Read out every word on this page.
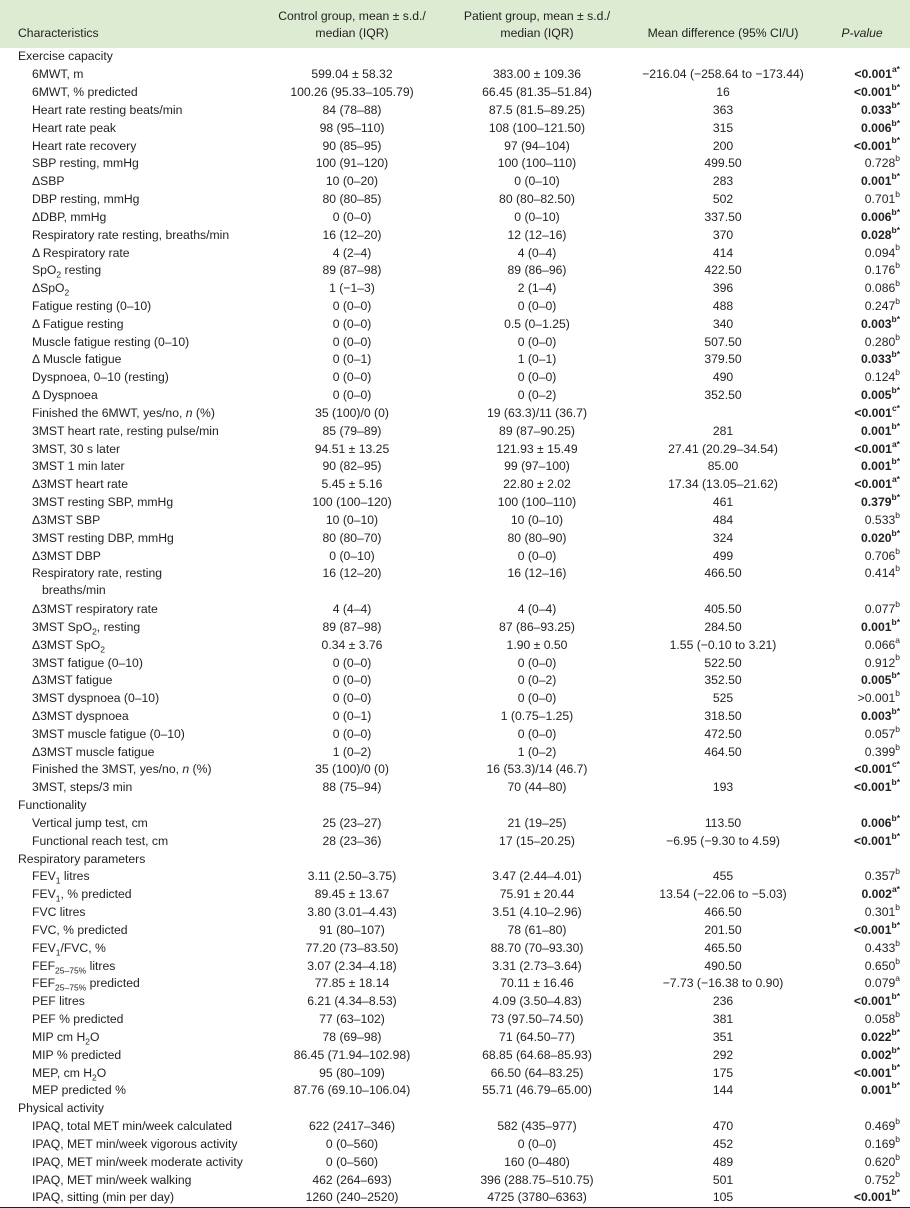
Characteristics	Control group, mean ± s.d./ median (IQR)	Patient group, mean ± s.d./ median (IQR)	Mean difference (95% CI/U)	P-value
Exercise capacity				
6MWT, m	599.04 ± 58.32	383.00 ± 109.36	−216.04 (−258.64 to −173.44)	$<0.001^{a*}$
6MWT, % predicted	100.26 (95.33–105.79)	66.45 (81.35–51.84)	16	$<0.001^{b*}$
Heart rate resting beats/min	84 (78–88)	87.5 (81.5–89.25)	363	$0.033^{b*}$
Heart rate peak	98 (95–110)	108 (100–121.50)	315	$0.006^{b*}$
Heart rate recovery	90 (85–95)	97 (94–104)	200	$<0.001^{b*}$
SBP resting, mmHg	100 (91–120)	100 (100–110)	499.50	0.728$^b$
ΔSBP	10 (0–20)	0 (0–10)	283	$0.001^{b*}$
DBP resting, mmHg	80 (80–85)	80 (80–82.50)	502	0.701$^b$
ΔDBP, mmHg	0 (0–0)	0 (0–10)	337.50	$0.006^{b*}$
Respiratory rate resting, breaths/min	16 (12–20)	12 (12–16)	370	$0.028^{b*}$
Δ Respiratory rate	4 (2–4)	4 (0–4)	414	0.094$^b$
SpO$_2$ resting	89 (87–98)	89 (86–96)	422.50	0.176$^b$
ΔSpO$_2$	1 (−1–3)	2 (1–4)	396	0.086$^b$
Fatigue resting (0–10)	0 (0–0)	0 (0–0)	488	0.247$^b$
Δ Fatigue resting	0 (0–0)	0.5 (0–1.25)	340	$0.003^{b*}$
Muscle fatigue resting (0–10)	0 (0–0)	0 (0–0)	507.50	0.280$^b$
Δ Muscle fatigue	0 (0–1)	1 (0–1)	379.50	$0.033^{b*}$
Dyspnoea, 0–10 (resting)	0 (0–0)	0 (0–0)	490	0.124$^b$
Δ Dyspnoea	0 (0–0)	0 (0–2)	352.50	$0.005^{b*}$
Finished the 6MWT, yes/no, n (%)	35 (100)/0 (0)	19 (63.3)/11 (36.7)		$<0.001^{c*}$
3MST heart rate, resting pulse/min	85 (79–89)	89 (87–90.25)	281	$0.001^{b*}$
3MST, 30 s later	94.51 ± 13.25	121.93 ± 15.49	27.41 (20.29–34.54)	$<0.001^{a*}$
3MST 1 min later	90 (82–95)	99 (97–100)	85.00	$0.001^{b*}$
Δ3MST heart rate	5.45 ± 5.16	22.80 ± 2.02	17.34 (13.05–21.62)	$<0.001^{a*}$
3MST resting SBP, mmHg	100 (100–120)	100 (100–110)	461	$0.379^{b*}$
Δ3MST SBP	10 (0–10)	10 (0–10)	484	0.533$^b$
3MST resting DBP, mmHg	80 (80–70)	80 (80–90)	324	$0.020^{b*}$
Δ3MST DBP	0 (0–10)	0 (0–0)	499	0.706$^b$
Respiratory rate, resting
breaths/min	16 (12–20)	16 (12–16)	466.50	0.414$^b$
Δ3MST respiratory rate	4 (4–4)	4 (0–4)	405.50	0.077$^b$
3MST SpO$_2$, resting	89 (87–98)	87 (86–93.25)	284.50	$0.001^{b*}$
Δ3MST SpO$_2$	0.34 ± 3.76	1.90 ± 0.50	1.55 (−0.10 to 3.21)	0.066$^a$
3MST fatigue (0–10)	0 (0–0)	0 (0–0)	522.50	0.912$^b$
Δ3MST fatigue	0 (0–0)	0 (0–2)	352.50	$0.005^{b*}$
3MST dyspnoea (0–10)	0 (0–0)	0 (0–0)	525	>0.001$^b$
Δ3MST dyspnoea	0 (0–1)	1 (0.75–1.25)	318.50	$0.003^{b*}$
3MST muscle fatigue (0–10)	0 (0–0)	0 (0–0)	472.50	0.057$^b$
Δ3MST muscle fatigue	1 (0–2)	1 (0–2)	464.50	0.399$^b$
Finished the 3MST, yes/no, n (%)	35 (100)/0 (0)	16 (53.3)/14 (46.7)		$<0.001^{c*}$
3MST, steps/3 min	88 (75–94)	70 (44–80)	193	$<0.001^{b*}$
Functionality				
Vertical jump test, cm	25 (23–27)	21 (19–25)	113.50	$0.006^{b*}$
Functional reach test, cm	28 (23–36)	17 (15–20.25)	−6.95 (−9.30 to 4.59)	$<0.001^{b*}$
Respiratory parameters				
$FEV_1$ litres	3.11 (2.50–3.75)	3.47 (2.44–4.01)	455	0.357$^b$
$FEV_1$, % predicted	89.45 ± 13.67	75.91 ± 20.44	13.54 (−22.06 to −5.03)	$0.002^{a*}$
FVC litres	3.80 (3.01–4.43)	3.51 (4.10–2.96)	466.50	0.301$^b$
FVC, % predicted	91 (80–107)	78 (61–80)	201.50	$<0.001^{b*}$
$FEV_1$/FVC, %	77.20 (73–83.50)	88.70 (70–93.30)	465.50	0.433$^b$
$FEF_{25-75\%}$ litres	3.07 (2.34–4.18)	3.31 (2.73–3.64)	490.50	0.650$^b$
$FEF_{25-75\%}$ predicted	77.85 ± 18.14	70.11 ± 16.46	−7.73 (−16.38 to 0.90)	0.079$^a$
PEF litres	6.21 (4.34–8.53)	4.09 (3.50–4.83)	236	$<0.001^{b*}$
PEF % predicted	77 (63–102)	73 (97.50–74.50)	381	0.058$^b$
MIP cm $H_2O$	78 (69–98)	71 (64.50–77)	351	$0.022^{b*}$
MIP % predicted	86.45 (71.94–102.98)	68.85 (64.68–85.93)	292	$0.002^{b*}$
MEP, cm $H_2O$	95 (80–109)	66.50 (64–83.25)	175	$<0.001^{b*}$
MEP predicted %	87.76 (69.10–106.04)	55.71 (46.79–65.00)	144	$0.001^{b*}$
Physical activity				
IPAQ, total MET min/week calculated	622 (2417–346)	582 (435–977)	470	0.469$^b$
IPAQ, MET min/week vigorous activity	0 (0–560)	0 (0–0)	452	0.169$^b$
IPAQ, MET min/week moderate activity	0 (0–560)	160 (0–480)	489	0.620$^b$
IPAQ, MET min/week walking	462 (264–693)	396 (288.75–510.75)	501	0.752$^b$
IPAQ, sitting (min per day)	1260 (240–2520)	4725 (3780–6363)	105	$<0.001^{b*}$
